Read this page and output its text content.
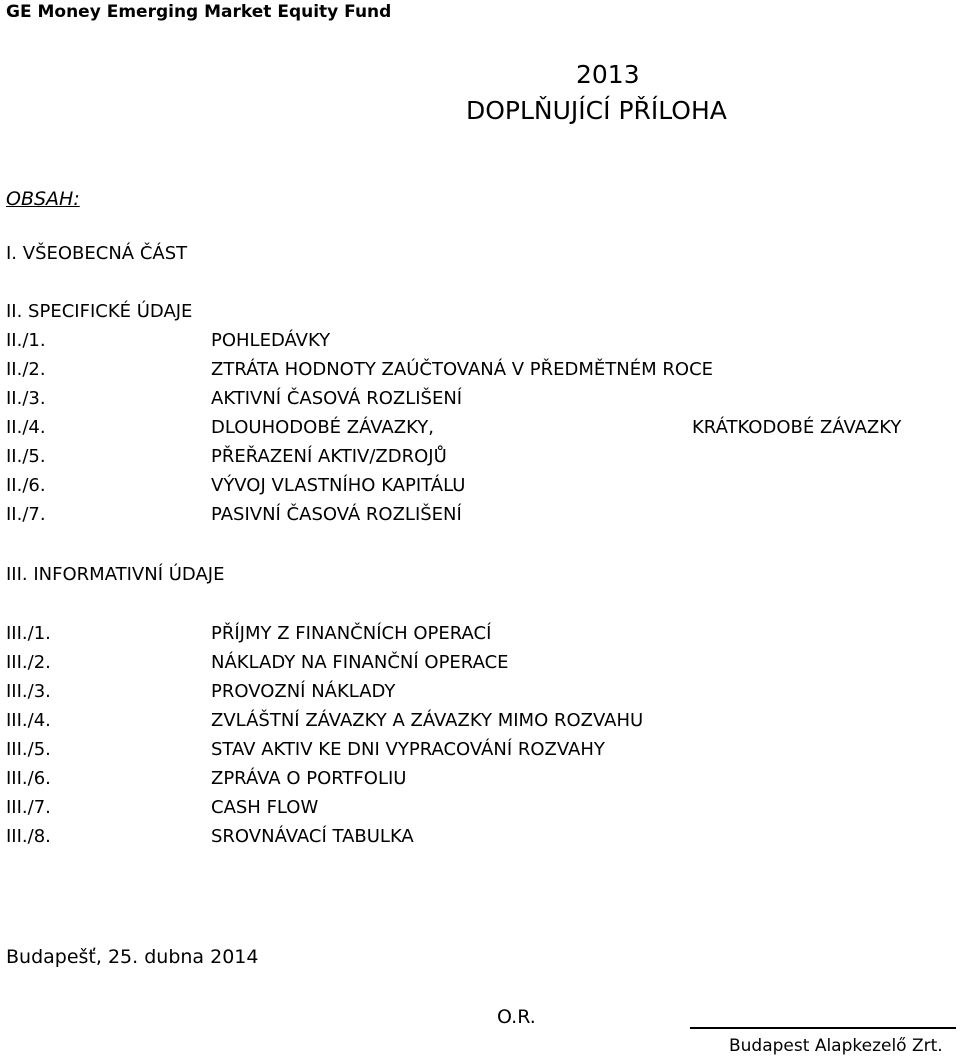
GE Money Emerging Market Equity Fund
2013
DOPLŇUJÍCÍ PŘÍLOHA
OBSAH:
I. VŠEOBECNÁ ČÁST
II. SPECIFICKÉ ÚDAJE
II./1.	POHLEDÁVKY
II./2.	ZTRÁTA HODNOTY ZAÚČTOVANÁ V PŘEDMĚTNÉM ROCE
II./3.	AKTIVNÍ ČASOVÁ ROZLIŠENÍ
II./4.	DLOUHODOBÉ ZÁVAZKY,	KRÁTKODOBÉ ZÁVAZKY
II./5.	PŘEŘAZENÍ AKTIV/ZDROJŮ
II./6.	VÝVOJ VLASTNÍHO KAPITÁLU
II./7.	PASIVNÍ ČASOVÁ ROZLIŠENÍ
III. INFORMATIVNÍ ÚDAJE
III./1.	PŘÍJMY Z FINANČNÍCH OPERACÍ
III./2.	NÁKLADY NA FINANČNÍ OPERACE
III./3.	PROVOZNÍ NÁKLADY
III./4.	ZVLÁŠTNÍ ZÁVAZKY A ZÁVAZKY MIMO ROZVAHU
III./5.	STAV AKTIV KE DNI VYPRACOVÁNÍ ROZVAHY
III./6.	ZPRÁVA O PORTFOLIU
III./7.	CASH FLOW
III./8.	SROVNÁVACÍ TABULKA
Budapešť, 25. dubna 2014
O.R.
Budapest Alapkezelő Zrt.
